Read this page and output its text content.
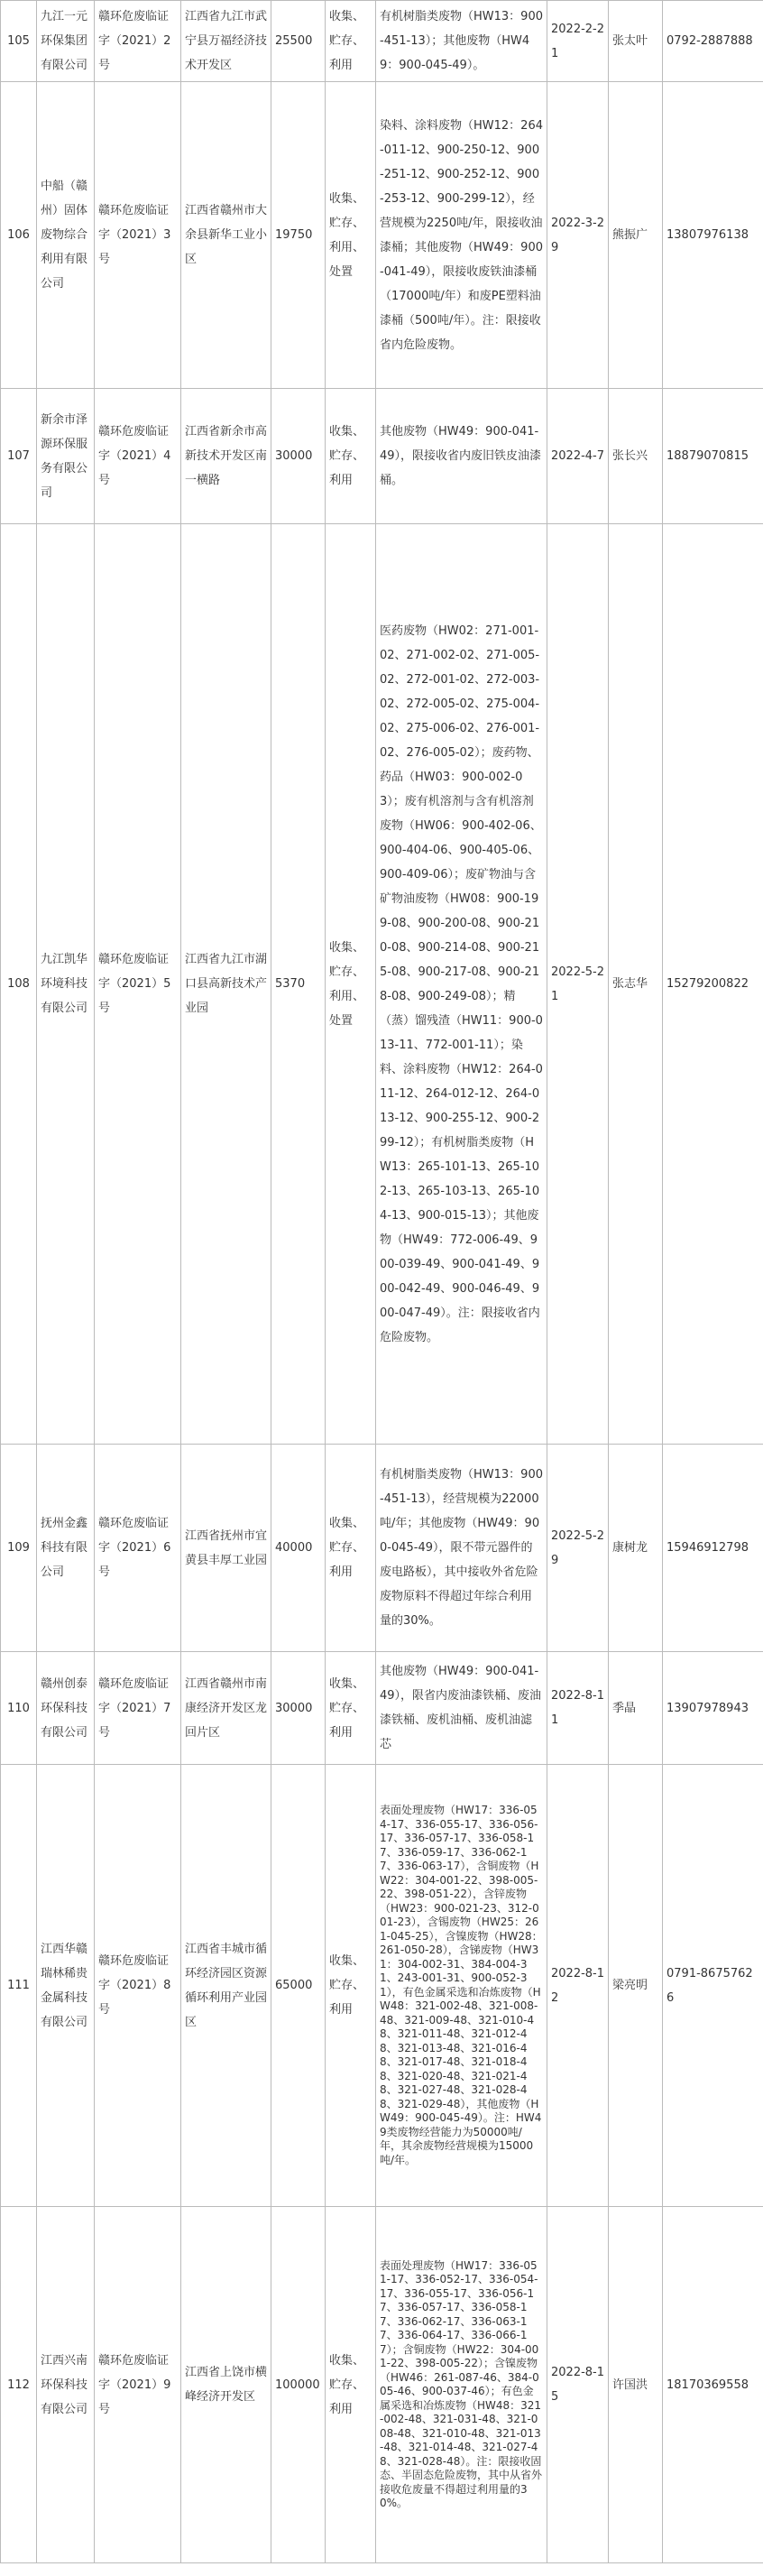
105	九江一元环保集团有限公司	赣环危废临证字（2021）2号	江西省九江市武宁县万福经济技术开发区	25500	收集、贮存、利用	有机树脂类废物（HW13：900-451-13）；其他废物（HW49：900-045-49）。	2022-2-21	张太叶	0792-2887888
106	中船（赣州）固体废物综合利用有限公司	赣环危废临证字（2021）3号	江西省赣州市大余县新华工业小区	19750	收集、贮存、利用、处置	染料、涂料废物（HW12：264-011-12、900-250-12、900-251-12、900-252-12、900-253-12、900-299-12），经营规模为2250吨/年，限接收油漆桶；其他废物（HW49：900-041-49），限接收废铁油漆桶（17000吨/年）和废PE塑料油漆桶（500吨/年）。注：限接收省内危险废物。	2022-3-29	熊振广	13807976138
107	新余市泽源环保服务有限公司	赣环危废临证字（2021）4号	江西省新余市高新技术开发区南一横路	30000	收集、贮存、利用	其他废物（HW49：900-041-49），限接收省内废旧铁皮油漆桶。	2022-4-7	张长兴	18879070815
108	九江凯华环境科技有限公司	赣环危废临证字（2021）5号	江西省九江市湖口县高新技术产业园	5370	收集、贮存、利用、处置	医药废物（HW02：271-001-02、271-002-02、271-005-02、272-001-02、272-003-02、272-005-02、275-004-02、275-006-02、276-001-02、276-005-02）；废药物、药品（HW03：900-002-03）；废有机溶剂与含有机溶剂废物（HW06：900-402-06、900-404-06、900-405-06、900-409-06）；废矿物油与含矿物油废物（HW08：900-199-08、900-200-08、900-210-08、900-214-08、900-215-08、900-217-08、900-218-08、900-249-08）；精（蒸）馏残渣（HW11：900-013-11、772-001-11）；染料、涂料废物（HW12：264-011-12、264-012-12、264-013-12、900-255-12、900-299-12）；有机树脂类废物（HW13：265-101-13、265-102-13、265-103-13、265-104-13、900-015-13）；其他废物（HW49：772-006-49、900-039-49、900-041-49、900-042-49、900-046-49、900-047-49）。注：限接收省内危险废物。	2022-5-21	张志华	15279200822
109	抚州金鑫科技有限公司	赣环危废临证字（2021）6号	江西省抚州市宜黄县丰厚工业园	40000	收集、贮存、利用	有机树脂类废物（HW13：900-451-13），经营规模为22000吨/年；其他废物（HW49：900-045-49），限不带元器件的废电路板），其中接收外省危险废物原料不得超过年综合利用量的30%。	2022-5-29	康树龙	15946912798
110	赣州创泰环保科技有限公司	赣环危废临证字（2021）7号	江西省赣州市南康经济开发区龙回片区	30000	收集、贮存、利用	其他废物（HW49：900-041-49），限省内废油漆铁桶、废油漆铁桶、废机油桶、废机油滤芯	2022-8-11	季晶	13907978943
111	江西华赣瑞林稀贵金属科技有限公司	赣环危废临证字（2021）8号	江西省丰城市循环经济园区资源循环利用产业园区	65000	收集、贮存、利用	表面处理废物（HW17：336-054-17、336-055-17、336-056-17、336-057-17、336-058-17、336-059-17、336-062-17、336-063-17），含铜废物（HW22：304-001-22、398-005-22、398-051-22），含锌废物（HW23：900-021-23、312-001-23），含锡废物（HW25：261-045-25），含镍废物（HW28：261-050-28），含锑废物（HW31：304-002-31、384-004-31、243-001-31、900-052-31），有色金属采选和冶炼废物（HW48：321-002-48、321-008-48、321-009-48、321-010-48、321-011-48、321-012-48、321-013-48、321-016-48、321-017-48、321-018-48、321-020-48、321-021-48、321-027-48、321-028-48、321-029-48），其他废物（HW49：900-045-49）。注：HW49类废物经营能力为50000吨/年，其余废物经营规模为15000吨/年。	2022-8-12	梁亮明	0791-86757626
112	江西兴南环保科技有限公司	赣环危废临证字（2021）9号	江西省上饶市横峰经济开发区	100000	收集、贮存、利用	表面处理废物（HW17：336-051-17、336-052-17、336-054-17、336-055-17、336-056-17、336-057-17、336-058-17、336-062-17、336-063-17、336-064-17、336-066-17）；含铜废物（HW22：304-001-22、398-005-22）；含镍废物（HW46：261-087-46、384-005-46、900-037-46）；有色金属采选和冶炼废物（HW48：321-002-48、321-031-48、321-008-48、321-010-48、321-013-48、321-014-48、321-027-48、321-028-48）。注：限接收固态、半固态危险废物，其中从省外接收危废量不得超过利用量的30%。	2022-8-15	许国洪	18170369558
